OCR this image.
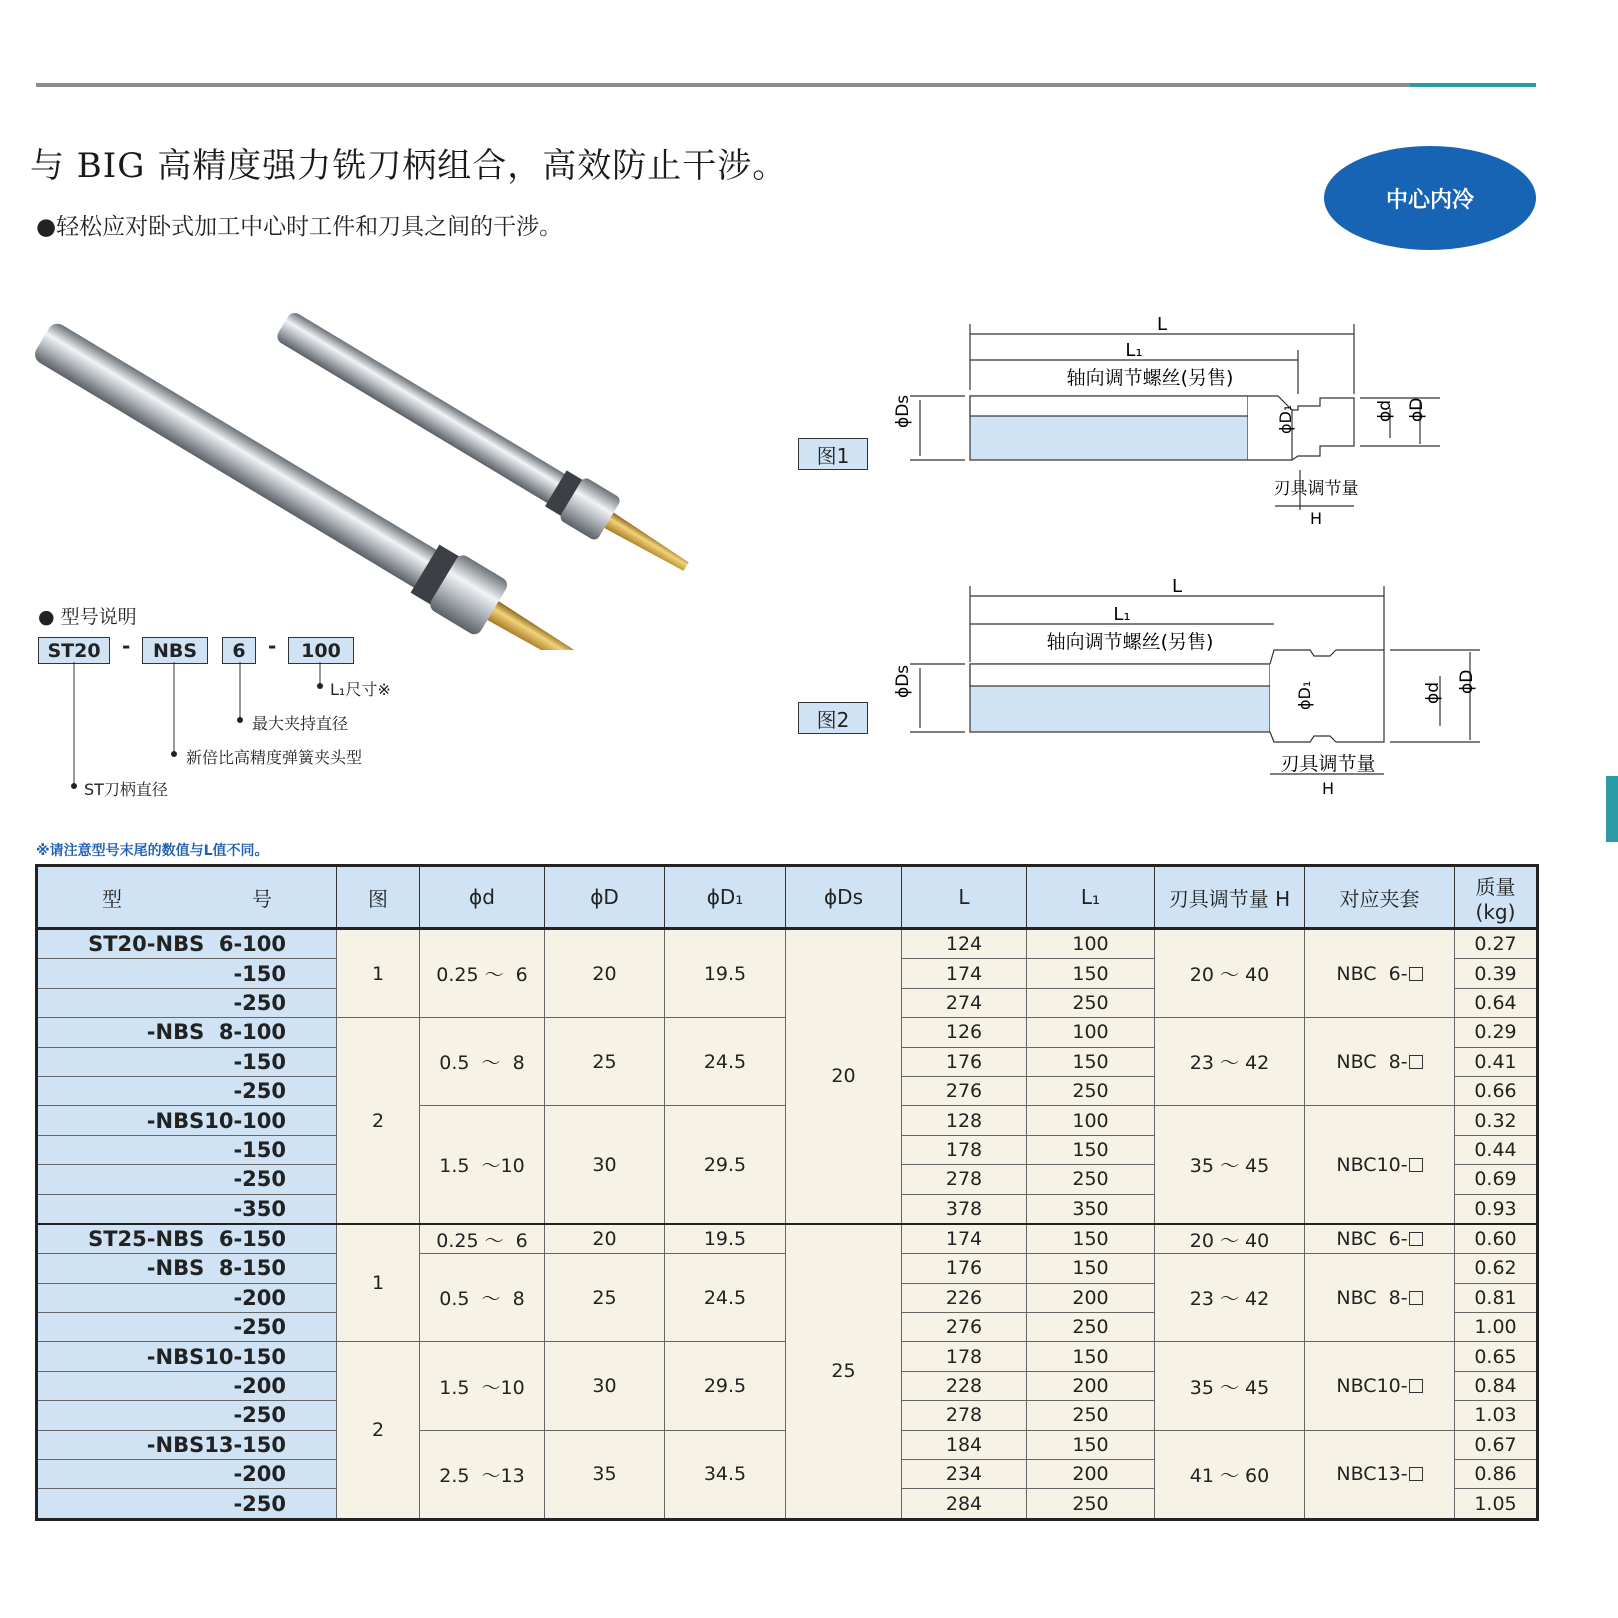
与 BIG 高精度强力铣刀柄组合，高效防止干涉。
●轻松应对卧式加工中心时工件和刀具之间的干涉。
中心内冷
图1
L
L₁
轴向调节螺丝(另售)
ϕDs	ϕD₁	ϕd ϕD
刃具调节量
H
图2
L
L₁
轴向调节螺丝(另售)
ϕDs	ϕD₁	ϕd ϕD
刃具调节量
H
● 型号说明
ST20	-	NBS	6	-	100
L₁尺寸※
最大夹持直径
新倍比高精度弹簧夹头型
ST刀柄直径
※请注意型号末尾的数值与L值不同。
型 号	图	ϕd	ϕD	ϕD₁	ϕDs	L	L₁	刃具调节量 H	对应夹套	质量
(kg)

ST20-NBS  6-100	1	0.25 ～  6	20	19.5	20	124	100	20 ～ 40	NBC  6-	0.27
-150						174	150			0.39
-250						274	250			0.64
-NBS  8-100	2	0.5  ～  8	25	24.5		126	100	23 ～ 42	NBC  8-	0.29
-150						176	150			0.41
-250						276	250			0.66
-NBS10-100		1.5  ～10	30	29.5		128	100	35 ～ 45	NBC10-	0.32
-150						178	150			0.44
-250						278	250			0.69
-350						378	350			0.93
ST25-NBS  6-150	1	0.25 ～  6	20	19.5	25	174	150	20 ～ 40	NBC  6-	0.60
-NBS  8-150		0.5  ～  8	25	24.5		176	150	23 ～ 42	NBC  8-	0.62
-200						226	200			0.81
-250						276	250			1.00
-NBS10-150	2	1.5  ～10	30	29.5		178	150	35 ～ 45	NBC10-	0.65
-200						228	200			0.84
-250						278	250			1.03
-NBS13-150		2.5  ～13	35	34.5		184	150	41 ～ 60	NBC13-	0.67
-200						234	200			0.86
-250						284	250			1.05
